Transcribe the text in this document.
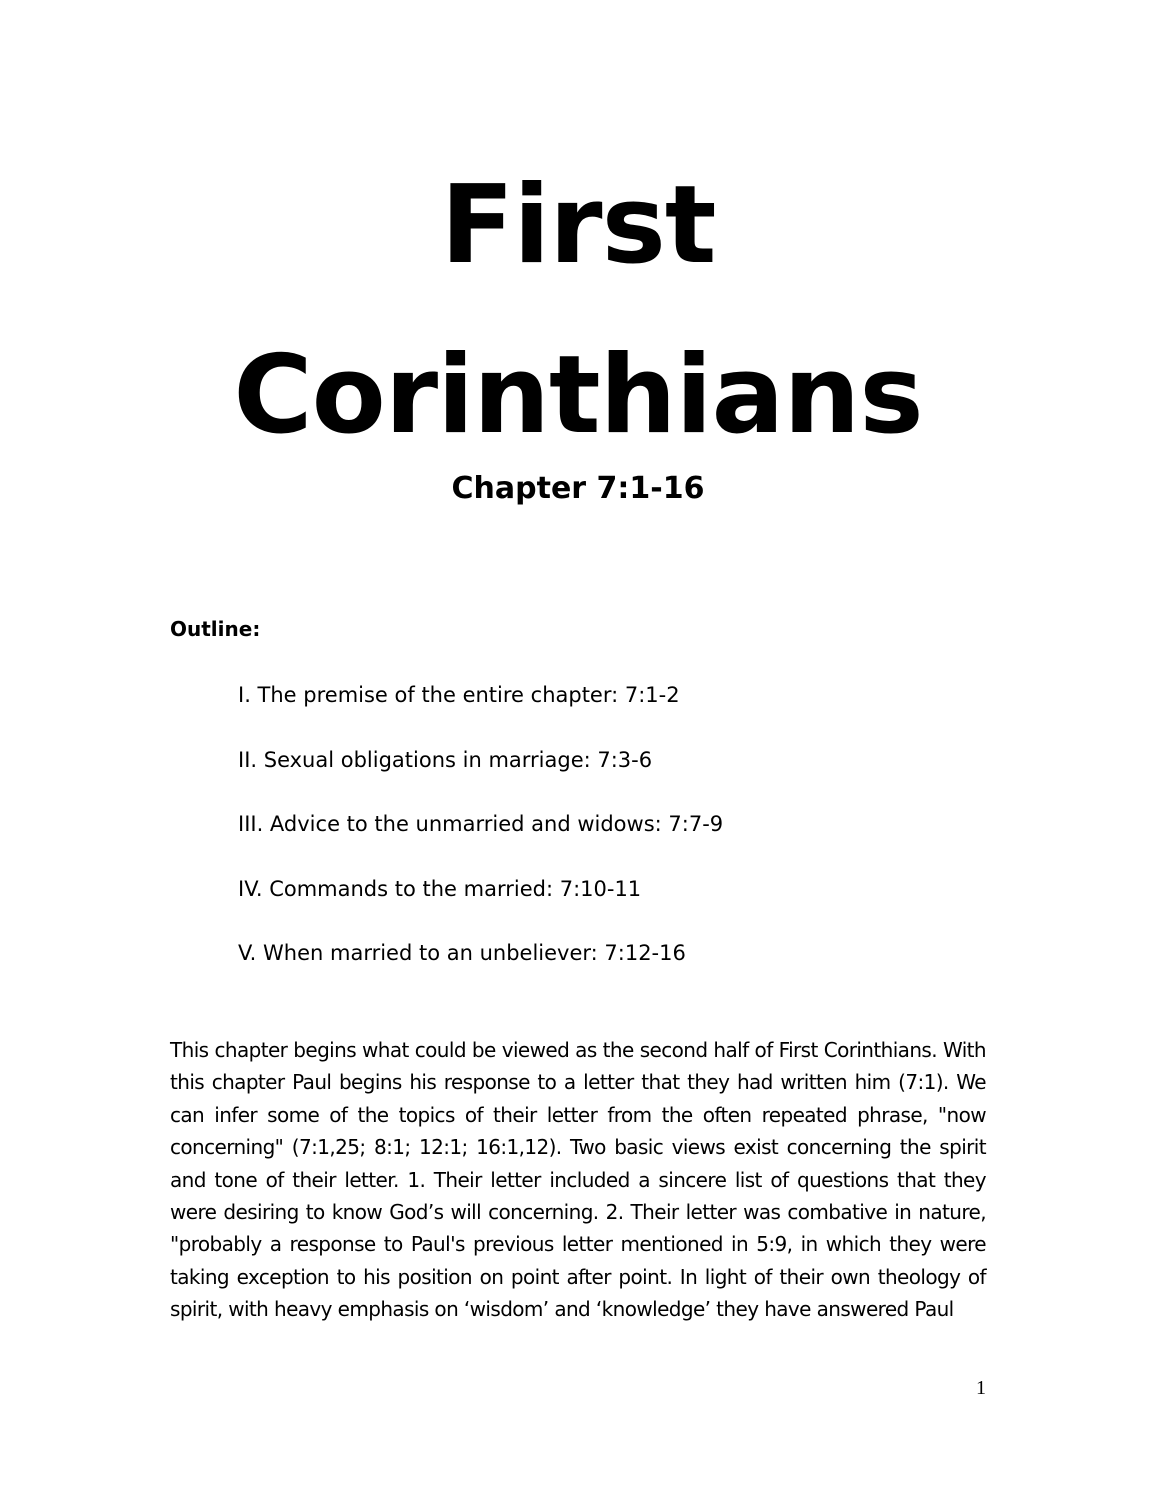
First
Corinthians
Chapter 7:1-16
Outline:
I. The premise of the entire chapter: 7:1-2
II. Sexual obligations in marriage: 7:3-6
III. Advice to the unmarried and widows: 7:7-9
IV. Commands to the married: 7:10-11
V. When married to an unbeliever: 7:12-16

This chapter begins what could be viewed as the second half of First Corinthians. With this chapter Paul begins his response to a letter that they had written him (7:1). We can infer some of the topics of their letter from the often repeated phrase, "now concerning" (7:1,25; 8:1; 12:1; 16:1,12). Two basic views exist concerning the spirit and tone of their letter. 1. Their letter included a sincere list of questions that they were desiring to know God’s will concerning. 2. Their letter was combative in nature, "probably a response to Paul's previous letter mentioned in 5:9, in which they were taking exception to his position on point after point. In light of their own theology of spirit, with heavy emphasis on ‘wisdom’ and ‘knowledge’ they have answered Paul

1
